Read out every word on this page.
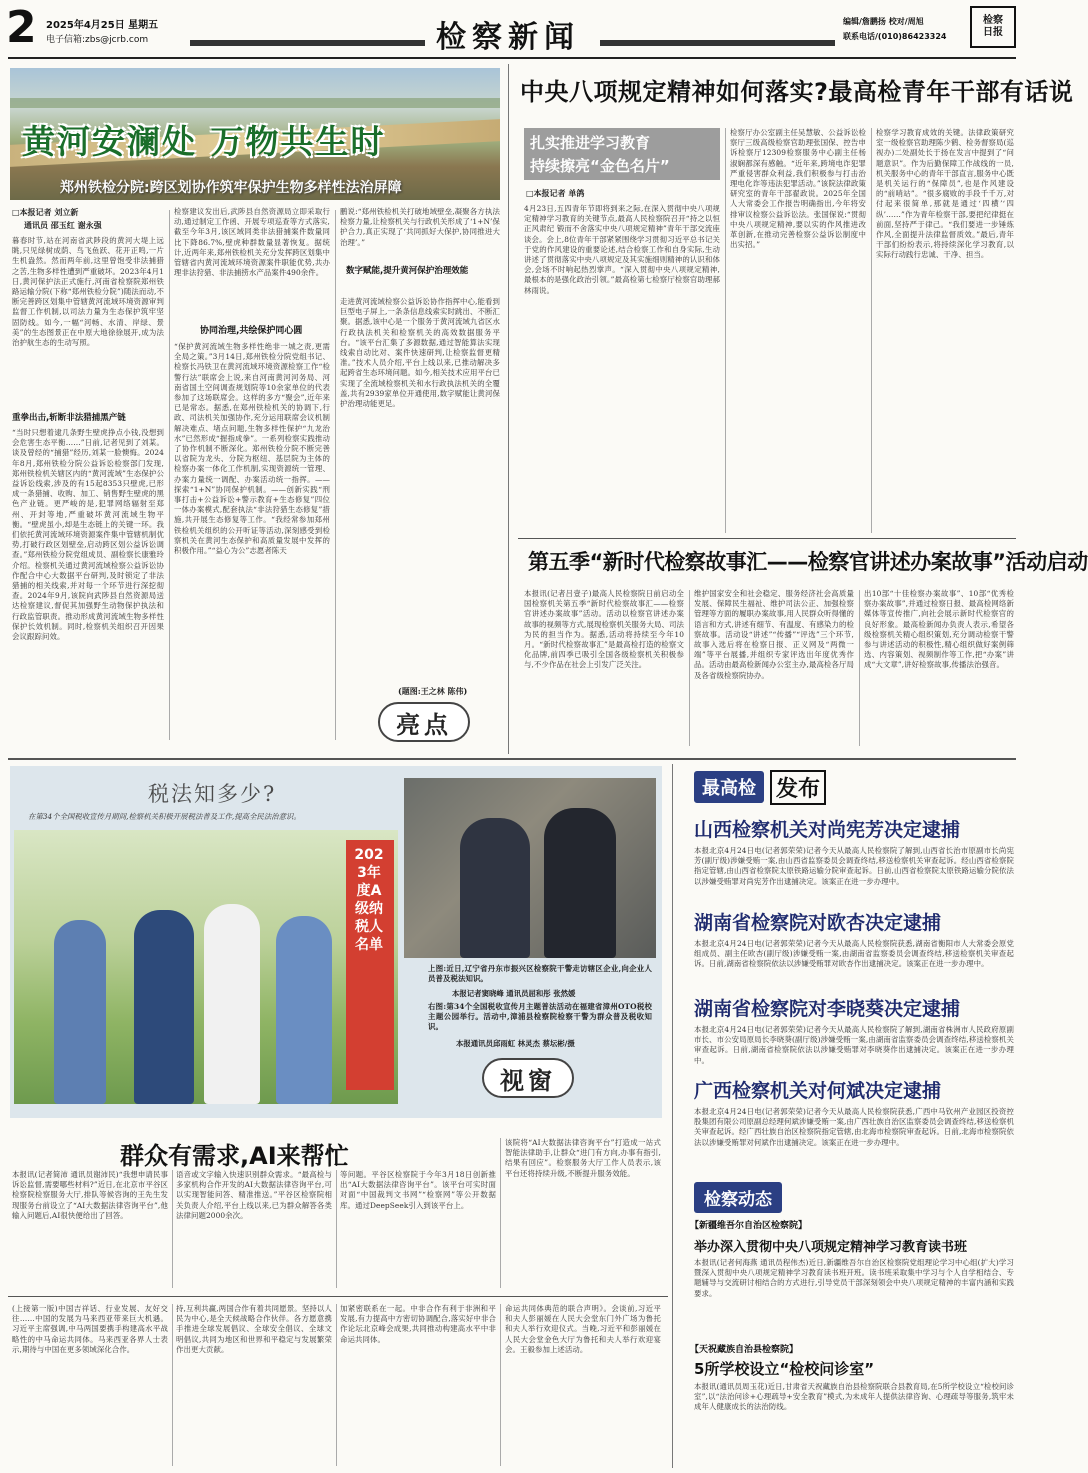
2 2025年4月25日 星期五
电子信箱:zbs@jcrb.com	检察新闻	编辑/詹鹏扬 校对/周旭
联系电话/(010)86423324
检察日报
黄河安澜处 万物共生时
郑州铁检分院:跨区划协作筑牢保护生物多样性法治屏障
□本报记者 刘立新
通讯员 邵玉红 谢永强
暮春时节,站在河南省武陟段的黄河大堤上远眺,只见绿树成荫、鸟飞鱼跃、花开正鸣,一片生机盎然。然而两年前,这里曾饱受非法捕猎之苦,生物多样性遭到严重破坏。2023年4月1日,黄河保护法正式施行,河南省检察院郑州铁路运输分院(下称“郑州铁检分院”)随法而动,不断完善跨区划集中管辖黄河流域环境资源审判监督工作机制,以司法力量为生态保护筑牢坚固防线。如今,一幅“河畅、水清、岸绿、景美”的生态图景正在中原大地徐徐展开,成为法治护航生态的生动写照。
重拳出击,斩断非法猎捕黑产链
“当时只想着逮几条野生壁虎挣点小钱,没想到会危害生态平衡……”日前,记者见到了刘某。谈及曾经的“捕猎”经历,刘某一脸懊悔。2024年8月,郑州铁检分院公益诉讼检察部门发现,郑州铁检机关辖区内的“黄河流域”生态保护公益诉讼线索,涉及的有15起8353只壁虎,已形成一条猎捕、收购、加工、销售野生壁虎的黑色产业链。更严峻的是,犯罪网络辐射至郑州、开封等地,严重破坏黄河流域生物平衡。“壁虎虽小,却是生态链上的关键一环。我们依托黄河流域环境资源案件集中管辖机制优势,打破行政区划壁垒,启动跨区划公益诉讼调查。”郑州铁检分院党组成员、副检察长康雅玲介绍。检察机关通过黄河流域检察公益诉讼协作配合中心大数据平台研判,及时锁定了非法猎捕的相关线索,并对每一个环节进行深挖彻查。2024年9月,该院向武陟县自然资源局送达检察建议,督促其加强野生动物保护执法和行政监管职责。推动形成黄河流域生物多样性保护长效机制。同时,检察机关组织召开因果会议跟踪问效。
检察建议发出后,武陟县自然资源局立即采取行动,通过制定工作函、开展专项巡查等方式落实,截至今年3月,该区域同类非法猎捕案件数量同比下降86.7%,壁虎种群数量显著恢复。据统计,近两年来,郑州铁检机关充分发挥跨区划集中管辖省内黄河流域环境资源案件职能优势,共办理非法狩猎、非法捕捞水产品案件490余件。
协同治理,共绘保护同心圆
“保护黄河流域生物多样性绝非一城之责,更需全局之策。”3月14日,郑州铁检分院党组书记、检察长冯铁卫在黄河流域环境资源检察工作“检警行法”联席会上说,来自河南黄河河务局、河南省国土空间调查规划院等10余家单位的代表参加了这场联席会。这样的多方“聚会”,近年来已是常态。据悉,在郑州铁检机关的协调下,行政、司法机关加强协作,充分运用联席会议机制解决难点、堵点问题,生物多样性保护“九龙治水”已然形成“握指成拳”。一系列检察实践推动了协作机制不断深化。郑州铁检分院不断完善以省院为龙头、分院为枢纽、基层院为主体的检察办案一体化工作机制,实现资源统一管理、办案力量统一调配、办案活动统一指挥。——探索“1+N”协同保护机制。——创新实践“刑事打击+公益诉讼+警示教育+生态修复”四位一体办案模式,配套执法“非法狩猎生态修复”措施,共开展生态修复等工作。“我经常参加郑州铁检机关组织的公开听证等活动,深刻感受到检察机关在黄河生态保护和高质量发展中发挥的积极作用。”“益心为公”志愿者陈天
鹏说:“郑州铁检机关打破地域壁垒,凝聚各方执法检察力量,让检察机关与行政机关形成了‘1+N’保护合力,真正实现了‘共同抓好大保护,协同推进大治理’。”
数字赋能,提升黄河保护治理效能
走进黄河流域检察公益诉讼协作指挥中心,能看到巨型电子屏上,一条条信息线索实时跳出、不断汇聚。据悉,该中心是一个服务于黄河流域九省区水行政执法机关和检察机关的高效数据服务平台。“该平台汇集了多源数据,通过智能算法实现线索自动比对、案件快速研判,让检察监督更精准。”技术人员介绍,平台上线以来,已推动解决多起跨省生态环境问题。如今,相关技术应用平台已实现了全流域检察机关和水行政执法机关的全覆盖,共有2939家单位开通使用,数字赋能让黄河保护治理动能更足。
(题图:王之林 陈伟)
亮点
中央八项规定精神如何落实?最高检青年干部有话说
扎实推进学习教育
持续擦亮“金色名片”
□本报记者 单鸽
4月23日,五四青年节即将到来之际,在深入贯彻中央八项规定精神学习教育的关键节点,最高人民检察院召开“持之以恒正风肃纪 锻而不舍落实中央八项规定精神”青年干部交流座谈会。会上,8位青年干部紧紧围绕学习贯彻习近平总书记关于党的作风建设的重要论述,结合检察工作和自身实际,生动讲述了贯彻落实中央八项规定及其实施细则精神的认识和体会,会场不时响起热烈掌声。“深入贯彻中央八项规定精神,最根本的是强化政治引领。”最高检第七检察厅检察官助理郝林雨说。
检察厅办公室副主任吴慧敏、公益诉讼检察厅三级高级检察官助理张国保、控告申诉检察厅12309检察服务中心副主任杨淑娴都深有感触。“近年来,跨境电诈犯罪严重侵害群众利益,我们积极参与打击治理电化诈等违法犯罪活动。”该院法律政策研究室的青年干部翟政说。2025年全国人大常委会工作报告明确指出,今年将安排审议检察公益诉讼法。张国保说:“贯彻中央八项规定精神,要以实的作风推进改革创新,在推动完善检察公益诉讼制度中出实招。”
检察学习教育成效的关键。法律政策研究室一级检察官助理陈少鹤、检务督察局(巡视办)二处副处长于扬在发言中提到了“问题意识”。作为后勤保障工作战线的一员,机关服务中心的青年干部直言,服务中心既是机关运行的“保障员”,也是作风建设的“前哨站”。“很多腐败的手段千千万,对付起来很简单,那就是通过‘四横’‘四纵’……”作为青年检察干部,要把纪律挺在前面,坚持严于律己。“我们要进一步锤炼作风,全面提升法律监督质效。”最后,青年干部们纷纷表示,将持续深化学习教育,以实际行动践行忠诚、干净、担当。
第五季“新时代检察故事汇——检察官讲述办案故事”活动启动
本报讯(记者吕壹子)最高人民检察院日前启动全国检察机关第五季“新时代检察故事汇——检察官讲述办案故事”活动。活动以检察官讲述办案故事的视频等方式,展现检察机关服务大局、司法为民的担当作为。据悉,活动将持续至今年10月。“新时代检察故事汇”是最高检打造的检察文化品牌,前四季已吸引全国各级检察机关积极参与,不少作品在社会上引发广泛关注。
维护国家安全和社会稳定、服务经济社会高质量发展、保障民生福祉、维护司法公正、加强检察管理等方面的履职办案故事,用人民群众听得懂的语言和方式,讲述有细节、有温度、有感染力的检察故事。活动设“讲述”“传播”“评选”三个环节,故事入选后将在检察日报、正义网及“两微一端”等平台展播,并组织专家评选出年度优秀作品。活动由最高检新闻办公室主办,最高检各厅局及各省级检察院协办。
出10部“十佳检察办案故事”、10部“优秀检察办案故事”,并通过检察日报、最高检网络新媒体等宣传推广,向社会展示新时代检察官的良好形象。最高检新闻办负责人表示,希望各级检察机关精心组织策划,充分调动检察干警参与讲述活动的积极性,精心组织做好案例筛选、内容策划、视频制作等工作,把“办案”讲成“大文章”,讲好检察故事,传播法治强音。
税法知多少?
在第34个全国税收宣传月期间,检察机关积极开展税法普及工作,提高全民法治意识。
2023年度A级纳税人名单
上图:近日,辽宁省丹东市振兴区检察院干警走访辖区企业,向企业人员普及税法知识。
本报记者窦晓峰 通讯员屈和彤 张然媛
右图:第34个全国税收宣传月主题普法活动在福建省漳州OTO税校主题公园举行。活动中,漳浦县检察院检察干警为群众普及税收知识。
本报通讯员邱雨虹 林灵杰 蔡坛彬/摄
视窗
群众有需求,AI来帮忙
本报讯(记者简沛 通讯员谢沛民)“我想申请民事诉讼监督,需要哪些材料?”近日,在北京市平谷区检察院检察服务大厅,排队等候咨询的王先生发现服务台前设立了“AI大数据法律咨询平台”,他输入问题后,AI很快便给出了回答。
语音或文字输入快速识别群众需求。“最高检与多家机构合作开发的AI大数据法律咨询平台,可以实现智能问答、精准推送。”平谷区检察院相关负责人介绍,平台上线以来,已为群众解答各类法律问题2000余次。
等问题。平谷区检察院于今年3月18日创新推出“AI大数据法律咨询平台”。该平台可实时面对面“中国裁判文书网”“检察网”等公开数据库。通过DeepSeek引入到该平台上。
该院将“AI大数据法律咨询平台”打造成一站式智能法律助手,让群众“进门有方向,办事有指引,结果有回应”。检察服务大厅工作人员表示,该平台还将持续升级,不断提升服务效能。
(上接第一版)中国吉祥话、行业发展、友好交往……中国的发展为马来西亚带来巨大机遇。习近平主席强调,中马两国要携手构建高水平战略性的中马命运共同体。马来西亚各界人士表示,期待与中国在更多领域深化合作。
持,互利共赢,两国合作有着共同愿景。坚持以人民为中心,是全天候战略合作伙伴。各方愿意携手推进全球发展倡议、全球安全倡议、全球文明倡议,共同为地区和世界和平稳定与发展繁荣作出更大贡献。
加紧密联系在一起。中非合作有利于非洲和平发展,有力提高中方密切协调配合,落实好中非合作论坛北京峰会成果,共同推动构建高水平中非命运共同体。
命运共同体典范的联合声明》。会谈前,习近平和夫人彭丽媛在人民大会堂东门外广场为鲁托和夫人举行欢迎仪式。当晚,习近平和彭丽媛在人民大会堂金色大厅为鲁托和夫人举行欢迎宴会。王毅参加上述活动。
最高检 发布
山西检察机关对尚宪芳决定逮捕
本报北京4月24日电(记者郭荣荣)记者今天从最高人民检察院了解到,山西省长治市原副市长尚宪芳(副厅级)涉嫌受贿一案,由山西省监察委员会调查终结,移送检察机关审查起诉。经山西省检察院指定管辖,由山西省检察院太原铁路运输分院审查起诉。日前,山西省检察院太原铁路运输分院依法以涉嫌受贿罪对尚宪芳作出逮捕决定。该案正在进一步办理中。
湖南省检察院对欧杏决定逮捕
本报北京4月24日电(记者郭荣荣)记者今天从最高人民检察院获悉,湖南省衡阳市人大常委会原党组成员、副主任欧杏(副厅级)涉嫌受贿一案,由湖南省监察委员会调查终结,移送检察机关审查起诉。日前,湖南省检察院依法以涉嫌受贿罪对欧杏作出逮捕决定。该案正在进一步办理中。
湖南省检察院对李晓葵决定逮捕
本报北京4月24日电(记者郭荣荣)记者今天从最高人民检察院了解到,湖南省株洲市人民政府原副市长、市公安局原局长李晓葵(副厅级)涉嫌受贿一案,由湖南省监察委员会调查终结,移送检察机关审查起诉。日前,湖南省检察院依法以涉嫌受贿罪对李晓葵作出逮捕决定。该案正在进一步办理中。
广西检察机关对何斌决定逮捕
本报北京4月24日电(记者郭荣荣)记者今天从最高人民检察院获悉,广西中马钦州产业园区投资控股集团有限公司原副总经理何斌涉嫌受贿一案,由广西壮族自治区监察委员会调查终结,移送检察机关审查起诉。经广西壮族自治区检察院指定管辖,由北海市检察院审查起诉。日前,北海市检察院依法以涉嫌受贿罪对何斌作出逮捕决定。该案正在进一步办理中。
检察动态
【新疆维吾尔自治区检察院】
举办深入贯彻中央八项规定精神学习教育读书班
本报讯(记者何海燕 通讯员程伟杰)近日,新疆维吾尔自治区检察院党组理论学习中心组(扩大)学习暨深入贯彻中央八项规定精神学习教育读书班开班。读书班采取集中学习与个人自学相结合、专题辅导与交流研讨相结合的方式进行,引导党员干部深刻领会中央八项规定精神的丰富内涵和实践要求。
【天祝藏族自治县检察院】
5所学校设立“检校问诊室”
本报讯(通讯员周玉花)近日,甘肃省天祝藏族自治县检察院联合县教育局,在5所学校设立“检校问诊室”,以“法治问诊+心理疏导+安全教育”模式,为未成年人提供法律咨询、心理疏导等服务,筑牢未成年人健康成长的法治防线。
